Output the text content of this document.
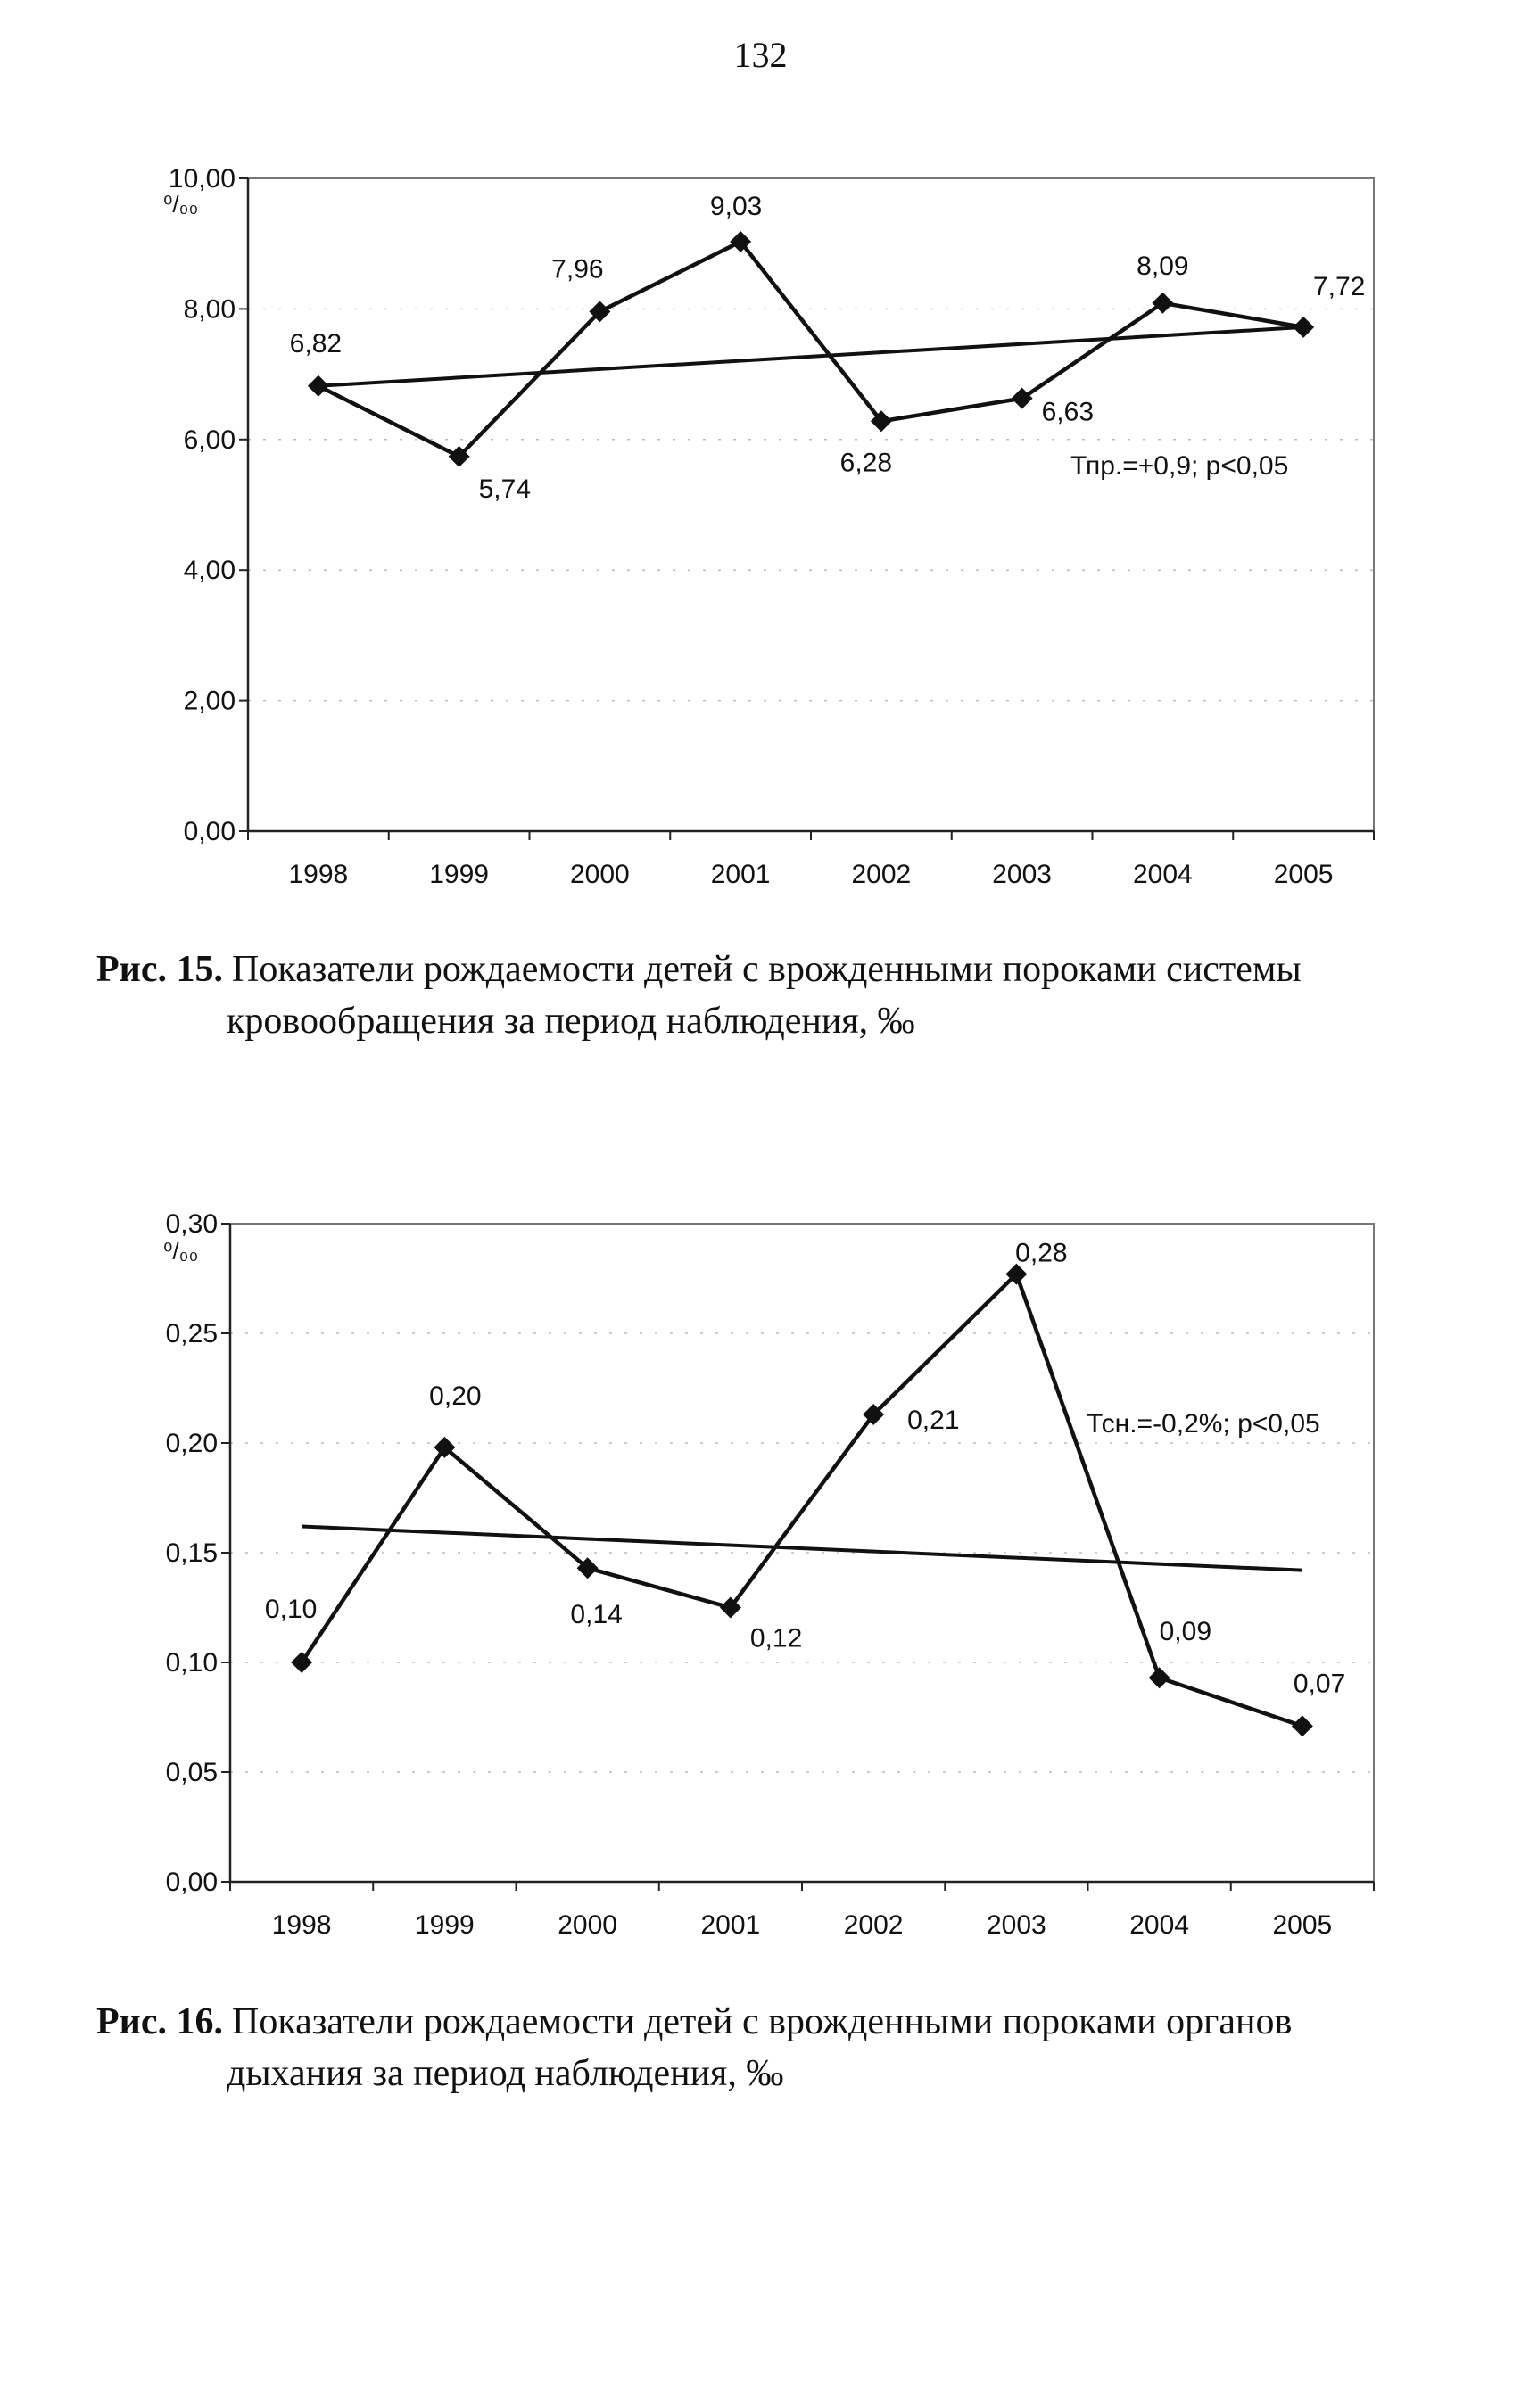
132
0,00
2,00
4,00
6,00
8,00
10,00
1998	1999	2000	2001	2002	2003	2004	2005
⁰/₀₀
6,82
5,74
7,96
9,03
6,28
6,63
8,09
7,72
Тпр.=+0,9; р<0,05
Рис. 15. Показатели рождаемости детей с врожденными пороками системы
кровообращения за период наблюдения, ‰
0,00
0,05
0,10
0,15
0,20
0,25
0,30
1998	1999	2000	2001	2002	2003	2004	2005
⁰/₀₀
0,10
0,20
0,14
0,12
0,21
0,28
0,09
0,07
Тсн.=-0,2%; р<0,05
Рис. 16. Показатели рождаемости детей с врожденными пороками органов
дыхания за период наблюдения, ‰
